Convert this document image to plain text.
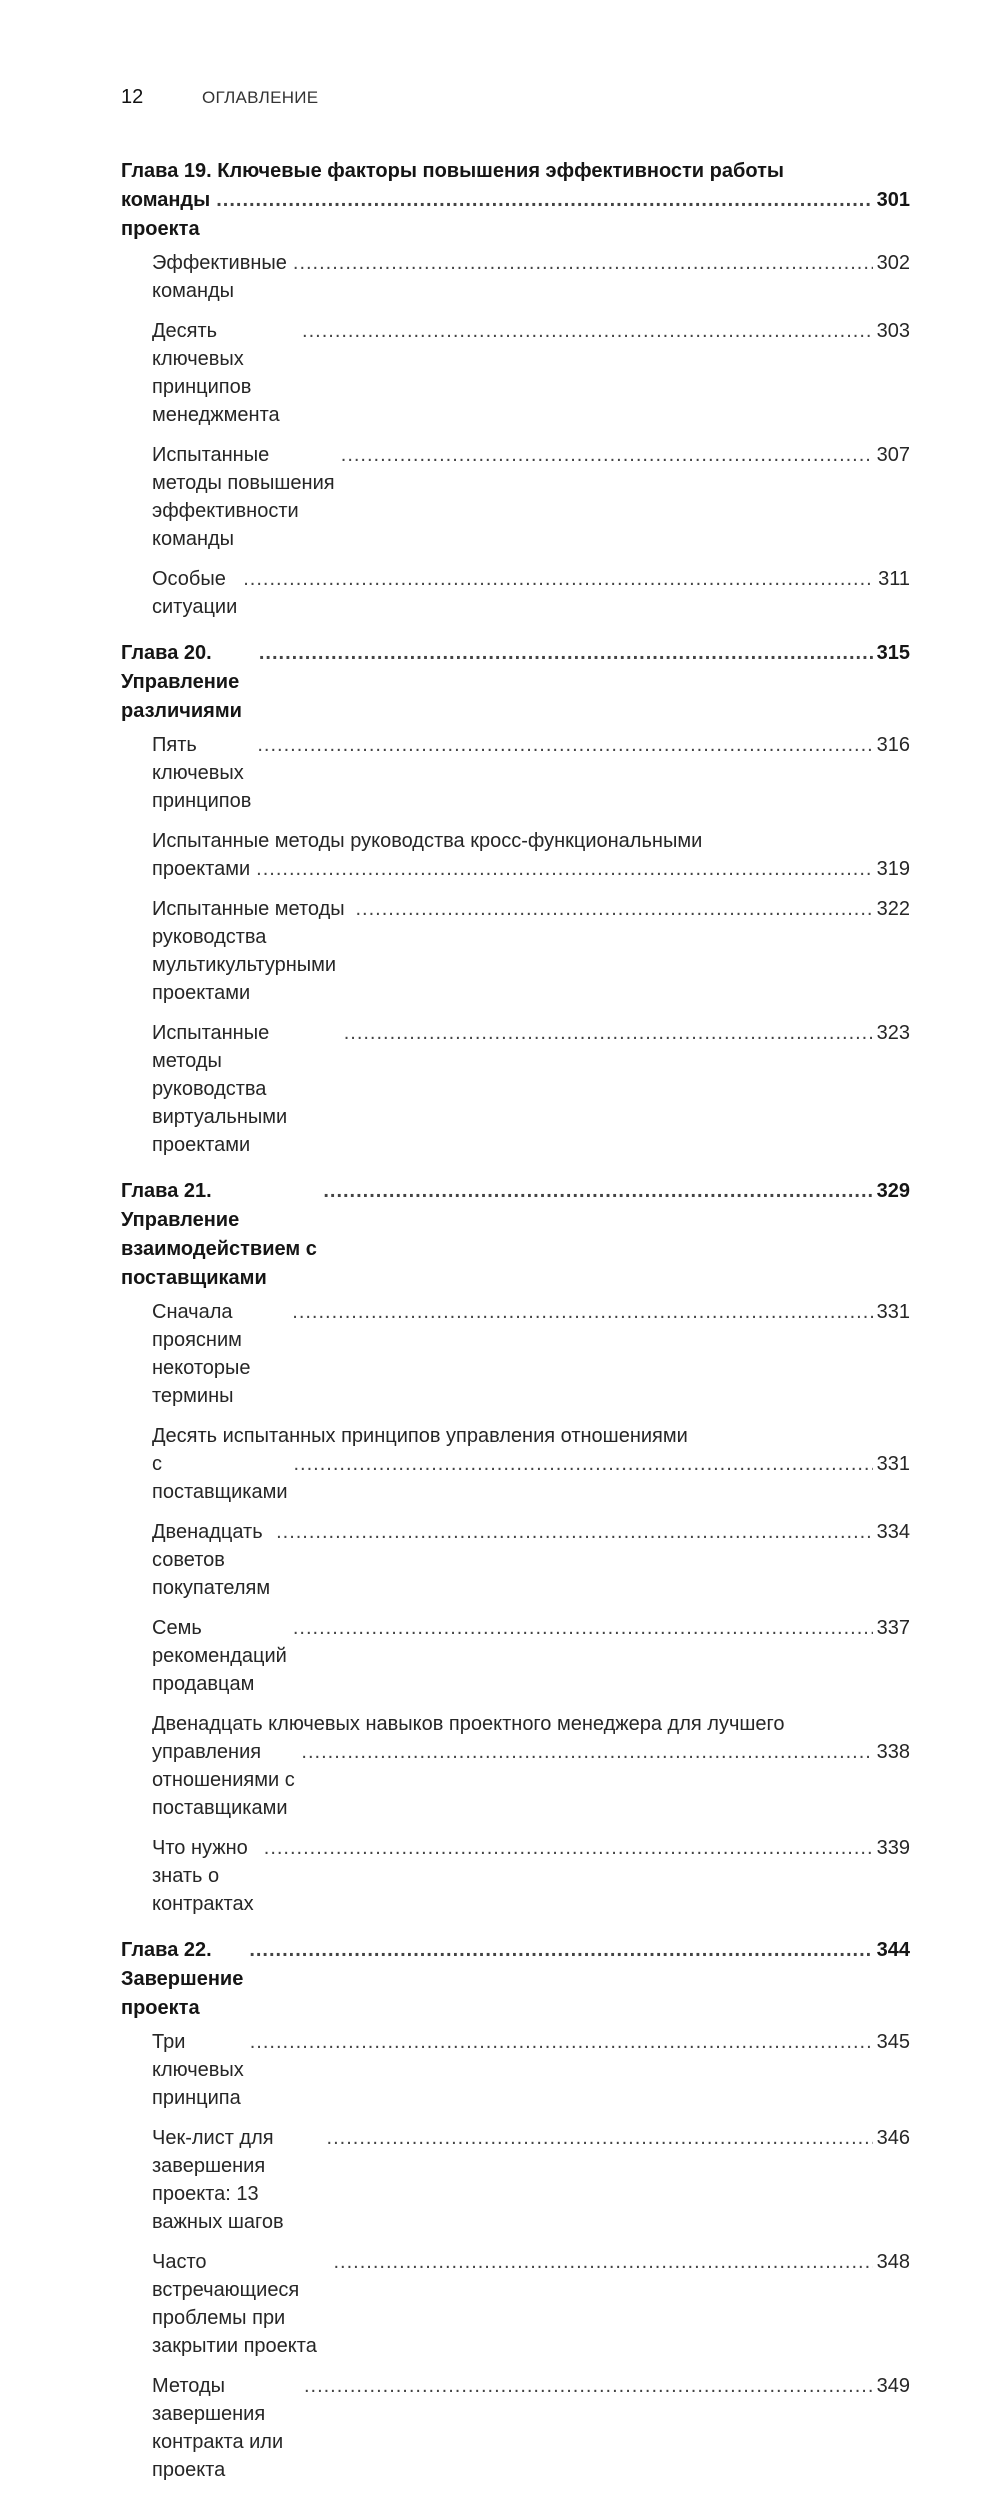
12	ОГЛАВЛЕНИЕ
Глава 19. Ключевые факторы повышения эффективности работы
команды проекта
.....
301
Эффективные команды
.....
302
Десять ключевых принципов менеджмента
.....
303
Испытанные методы повышения эффективности команды
.....
307
Особые ситуации
.....
311
Глава 20. Управление различиями
.....
315
Пять ключевых принципов
.....
316
Испытанные методы руководства кросс-функциональными
проектами
.....	319
Испытанные методы руководства мультикультурными проектами
.....
322
Испытанные методы руководства виртуальными проектами
.....
323
Глава 21. Управление взаимодействием с поставщиками
.....
329
Сначала проясним некоторые термины
.....
331
Десять испытанных принципов управления отношениями
с поставщиками
.....
331
Двенадцать советов покупателям
.....
334
Семь рекомендаций продавцам
.....
337
Двенадцать ключевых навыков проектного менеджера для лучшего
управления отношениями с поставщиками
.....
338
Что нужно знать о контрактах
.....
339
Глава 22. Завершение проекта
.....
344
Три ключевых принципа
.....
345
Чек-лист для завершения проекта: 13 важных шагов
.....
346
Часто встречающиеся проблемы при закрытии проекта
.....
348
Методы завершения контракта или проекта
.....
349
